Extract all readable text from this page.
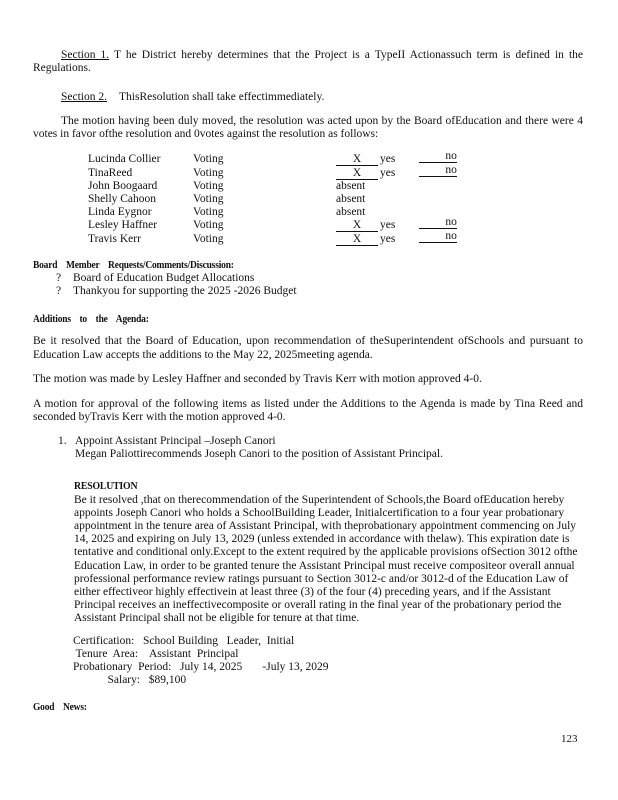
Section 1. T he District hereby determines that the Project is a TypeII Actionassuch term is defined in the Regulations.

Section 2. ThisResolution shall take effectimmediately.

The motion having been duly moved, the resolution was acted upon by the Board ofEducation and there were 4 votes in favor ofthe resolution and 0votes against the resolution as follows:

Lucinda Collier	Voting	X yes	no
TinaReed	Voting	X yes	no
John Boogaard	Voting	absent
Shelly Cahoon	Voting	absent
Linda Eygnor	Voting	absent
Lesley Haffner	Voting	X yes	no
Travis Kerr	Voting	X yes	no
Board Member Requests/Comments/Discussion:
?	Board of Education Budget Allocations
?	Thankyou for supporting the 2025 -2026 Budget
Additions to the Agenda:

Be it resolved that the Board of Education, upon recommendation of theSuperintendent ofSchools and pursuant to Education Law accepts the additions to the May 22, 2025meeting agenda.

The motion was made by Lesley Haffner and seconded by Travis Kerr with motion approved 4-0.

A motion for approval of the following items as listed under the Additions to the Agenda is made by Tina Reed and seconded byTravis Kerr with the motion approved 4-0.

1. Appoint Assistant Principal –Joseph Canori
Megan Paliottirecommends Joseph Canori to the position of Assistant Principal.
RESOLUTION
Be it resolved ,that on therecommendation of the Superintendent of Schools,the Board ofEducation hereby appoints Joseph Canori who holds a SchoolBuilding Leader, Initialcertification to a four year probationary appointment in the tenure area of Assistant Principal, with theprobationary appointment commencing on July 14, 2025 and expiring on July 13, 2029 (unless extended in accordance with thelaw). This expiration date is tentative and conditional only.Except to the extent required by the applicable provisions ofSection 3012 ofthe Education Law, in order to be granted tenure the Assistant Principal must receive compositeor overall annual professional performance review ratings pursuant to Section 3012-c and/or 3012-d of the Education Law of either effectiveor highly effectivein at least three (3) of the four (4) preceding years, and if the Assistant Principal receives an ineffectivecomposite or overall rating in the final year of the probationary period the Assistant Principal shall not be eligible for tenure at that time.
Certification:   School Building   Leader,  Initial
Tenure  Area:    Assistant  Principal
Probationary  Period:   July 14, 2025       -July 13, 2029
Salary:   $89,100
Good News:
123
